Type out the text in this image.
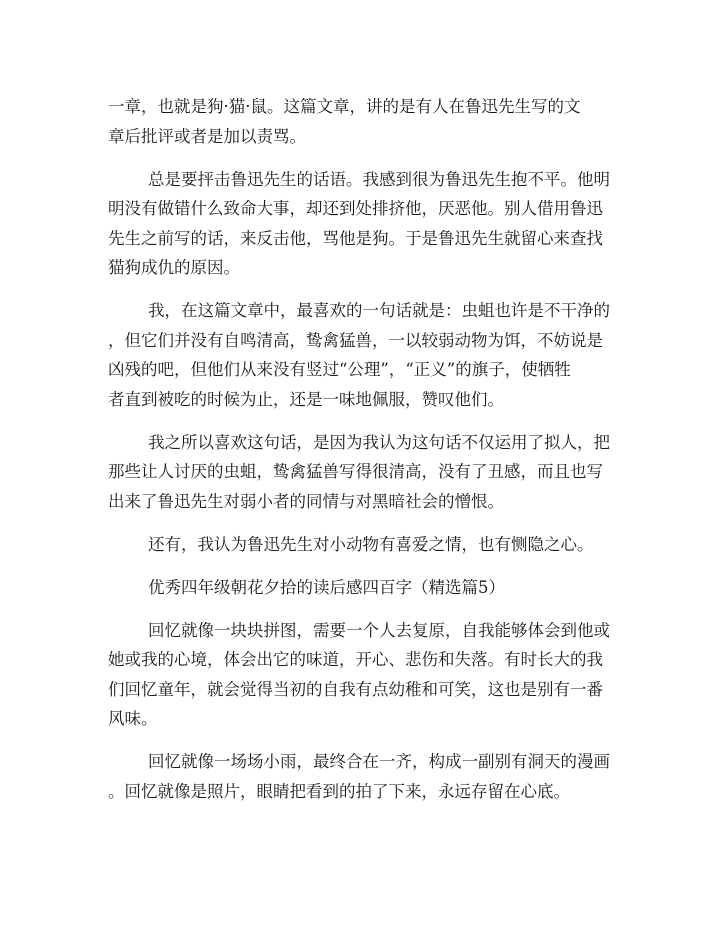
一章，也就是狗·猫·鼠。这篇文章，讲的是有人在鲁迅先生写的文
章后批评或者是加以责骂。

总是要抨击鲁迅先生的话语。我感到很为鲁迅先生抱不平。他明
明没有做错什么致命大事，却还到处排挤他，厌恶他。别人借用鲁迅
先生之前写的话，来反击他，骂他是狗。于是鲁迅先生就留心来查找
猫狗成仇的原因。

我，在这篇文章中，最喜欢的一句话就是：虫蛆也许是不干净的
，但它们并没有自鸣清高，鸷禽猛兽，一以较弱动物为饵，不妨说是
凶残的吧，但他们从来没有竖过“公理”，“正义”的旗子，使牺牲
者直到被吃的时候为止，还是一味地佩服，赞叹他们。

我之所以喜欢这句话，是因为我认为这句话不仅运用了拟人，把
那些让人讨厌的虫蛆，鸷禽猛兽写得很清高，没有了丑感，而且也写
出来了鲁迅先生对弱小者的同情与对黑暗社会的憎恨。

还有，我认为鲁迅先生对小动物有喜爱之情，也有恻隐之心。

优秀四年级朝花夕拾的读后感四百字（精选篇5）

回忆就像一块块拼图，需要一个人去复原，自我能够体会到他或
她或我的心境，体会出它的味道，开心、悲伤和失落。有时长大的我
们回忆童年，就会觉得当初的自我有点幼稚和可笑，这也是别有一番
风味。

回忆就像一场场小雨，最终合在一齐，构成一副别有洞天的漫画
。回忆就像是照片，眼睛把看到的拍了下来，永远存留在心底。
